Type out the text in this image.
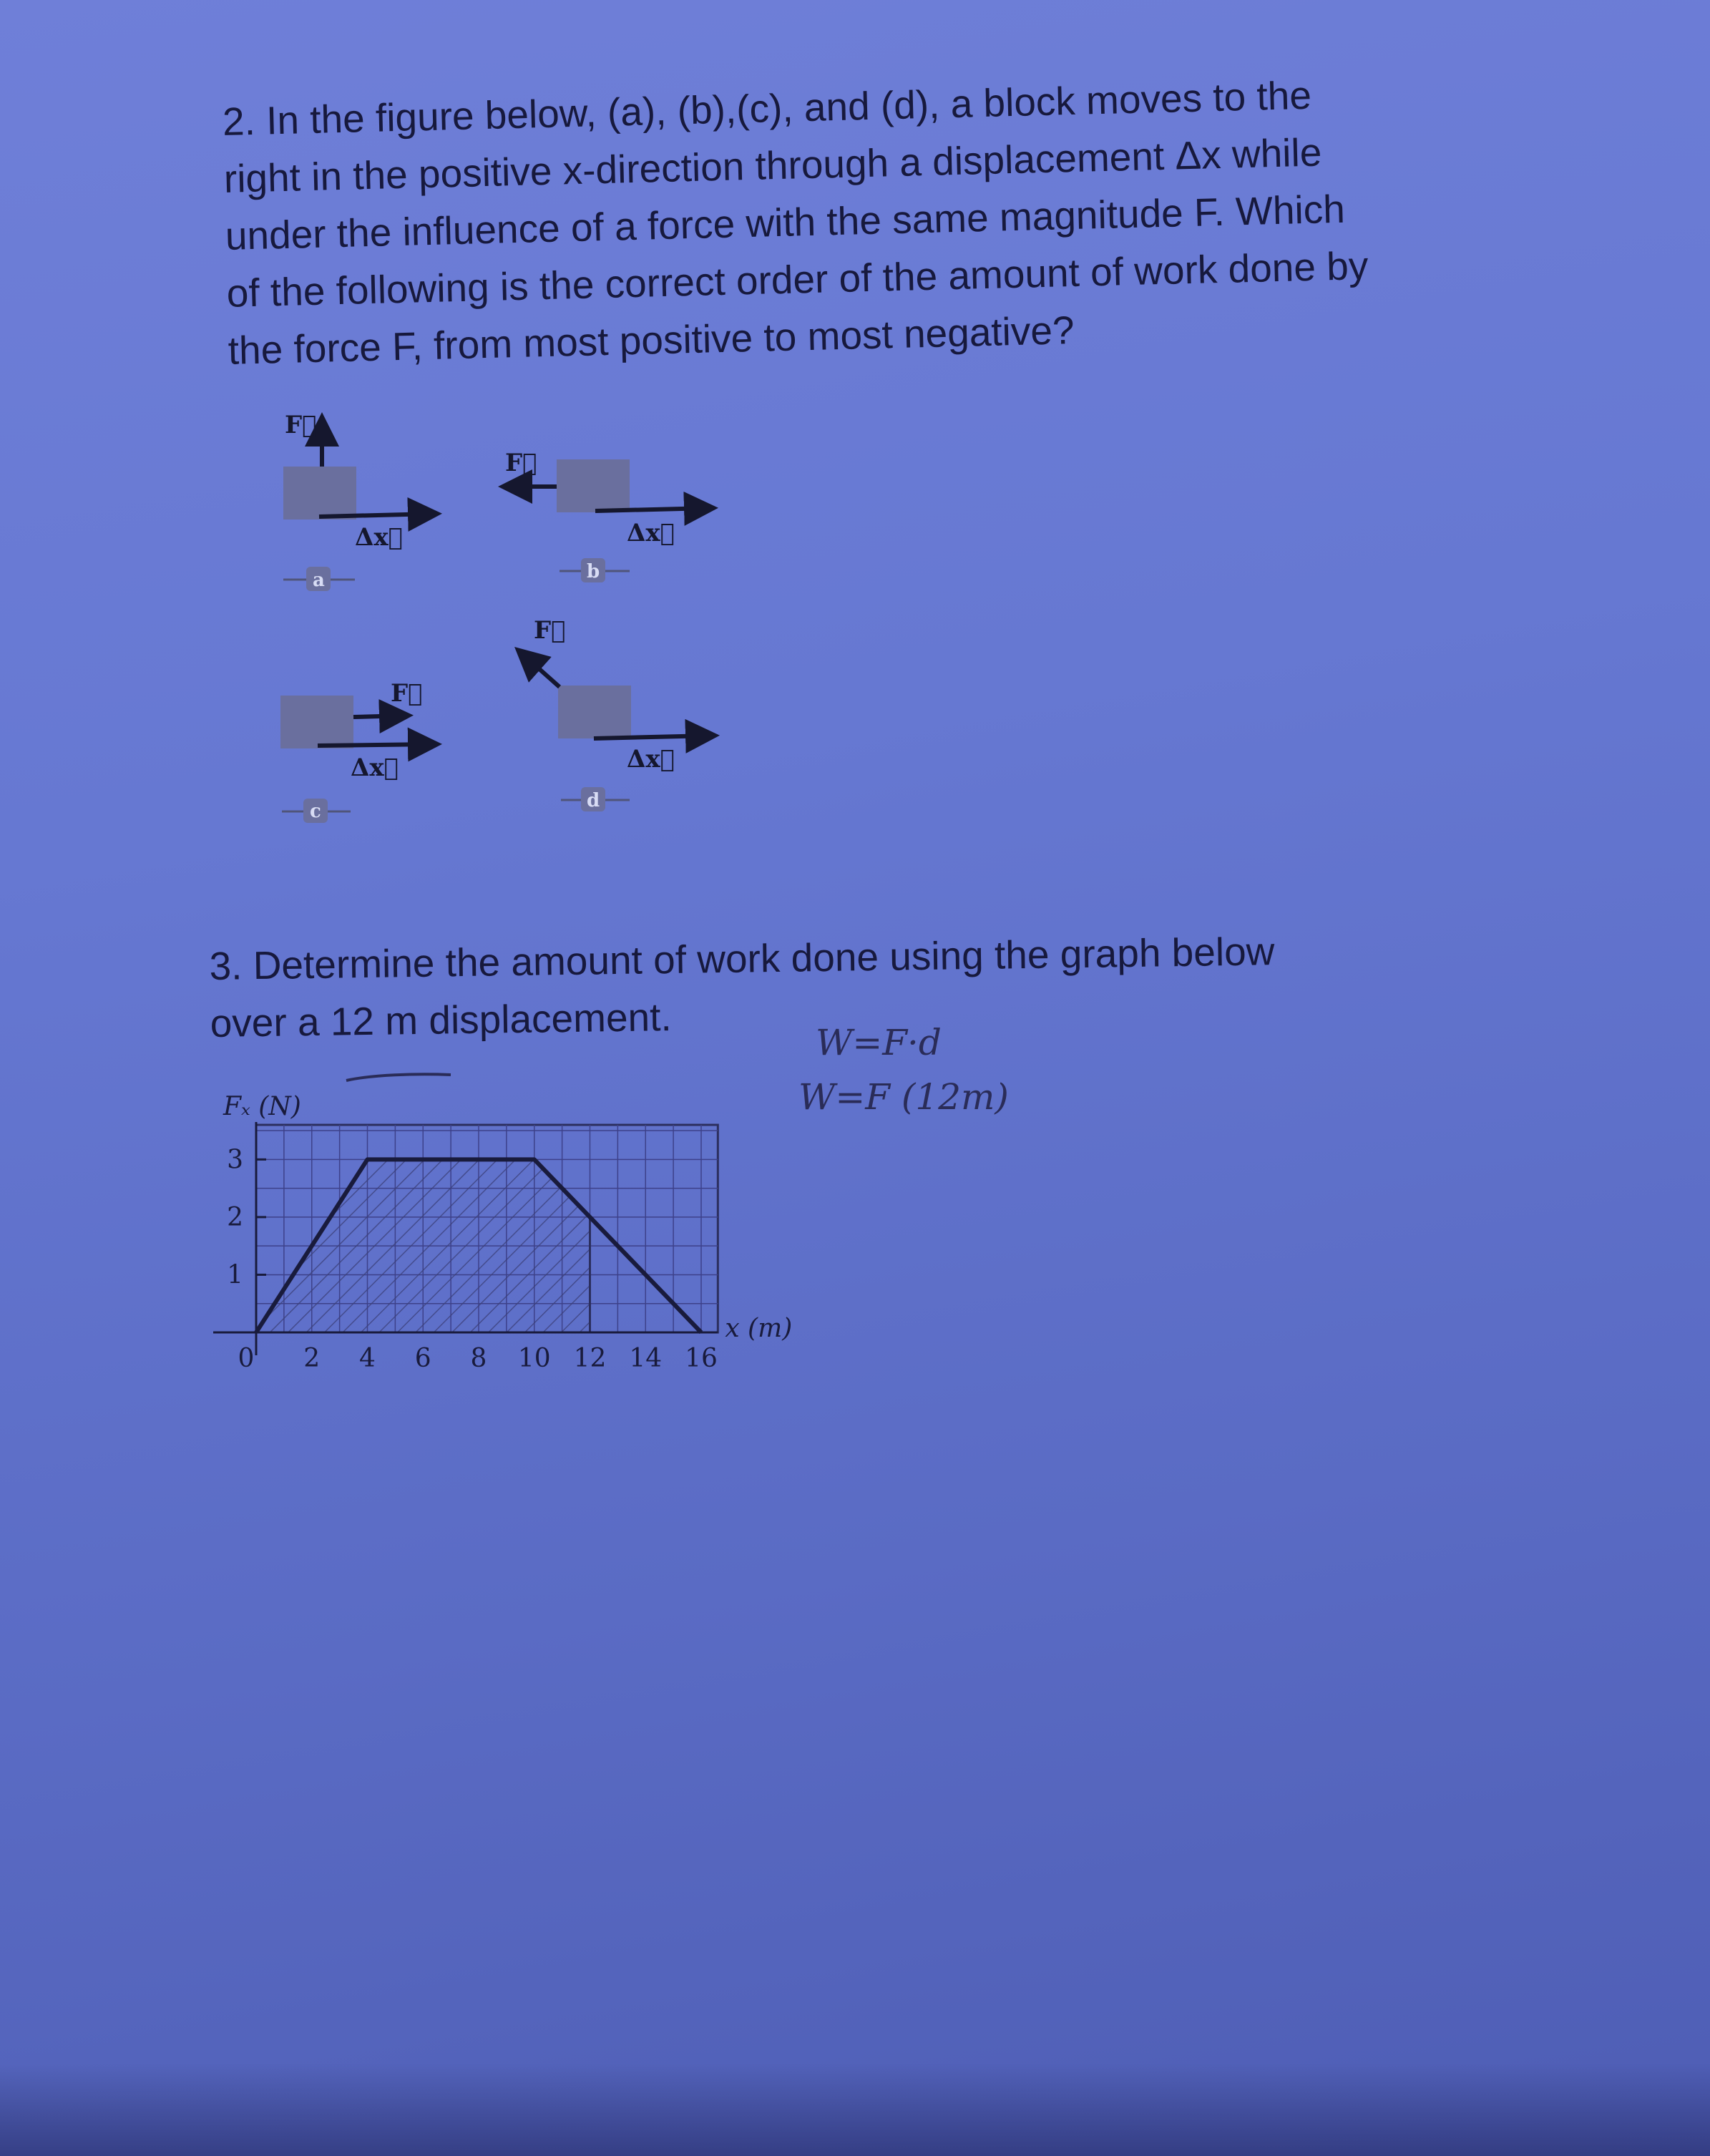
2. In the figure below, (a), (b),(c), and (d), a block moves to the
right in the positive x-direction through a displacement Δx while
under the influence of a force with the same magnitude F. Which
of the following is the correct order of the amount of work done by
the force F, from most positive to most negative?
F⃗
Δx⃗
a
F⃗
Δx⃗
b
F⃗
Δx⃗
c
F⃗
Δx⃗
d
3. Determine the amount of work done using the graph below
over a 12 m displacement.	W=F·d
W=F (12m)
0 2 4 6 8 10 12 14 16
1
2
3
Fₓ (N)
x (m)
